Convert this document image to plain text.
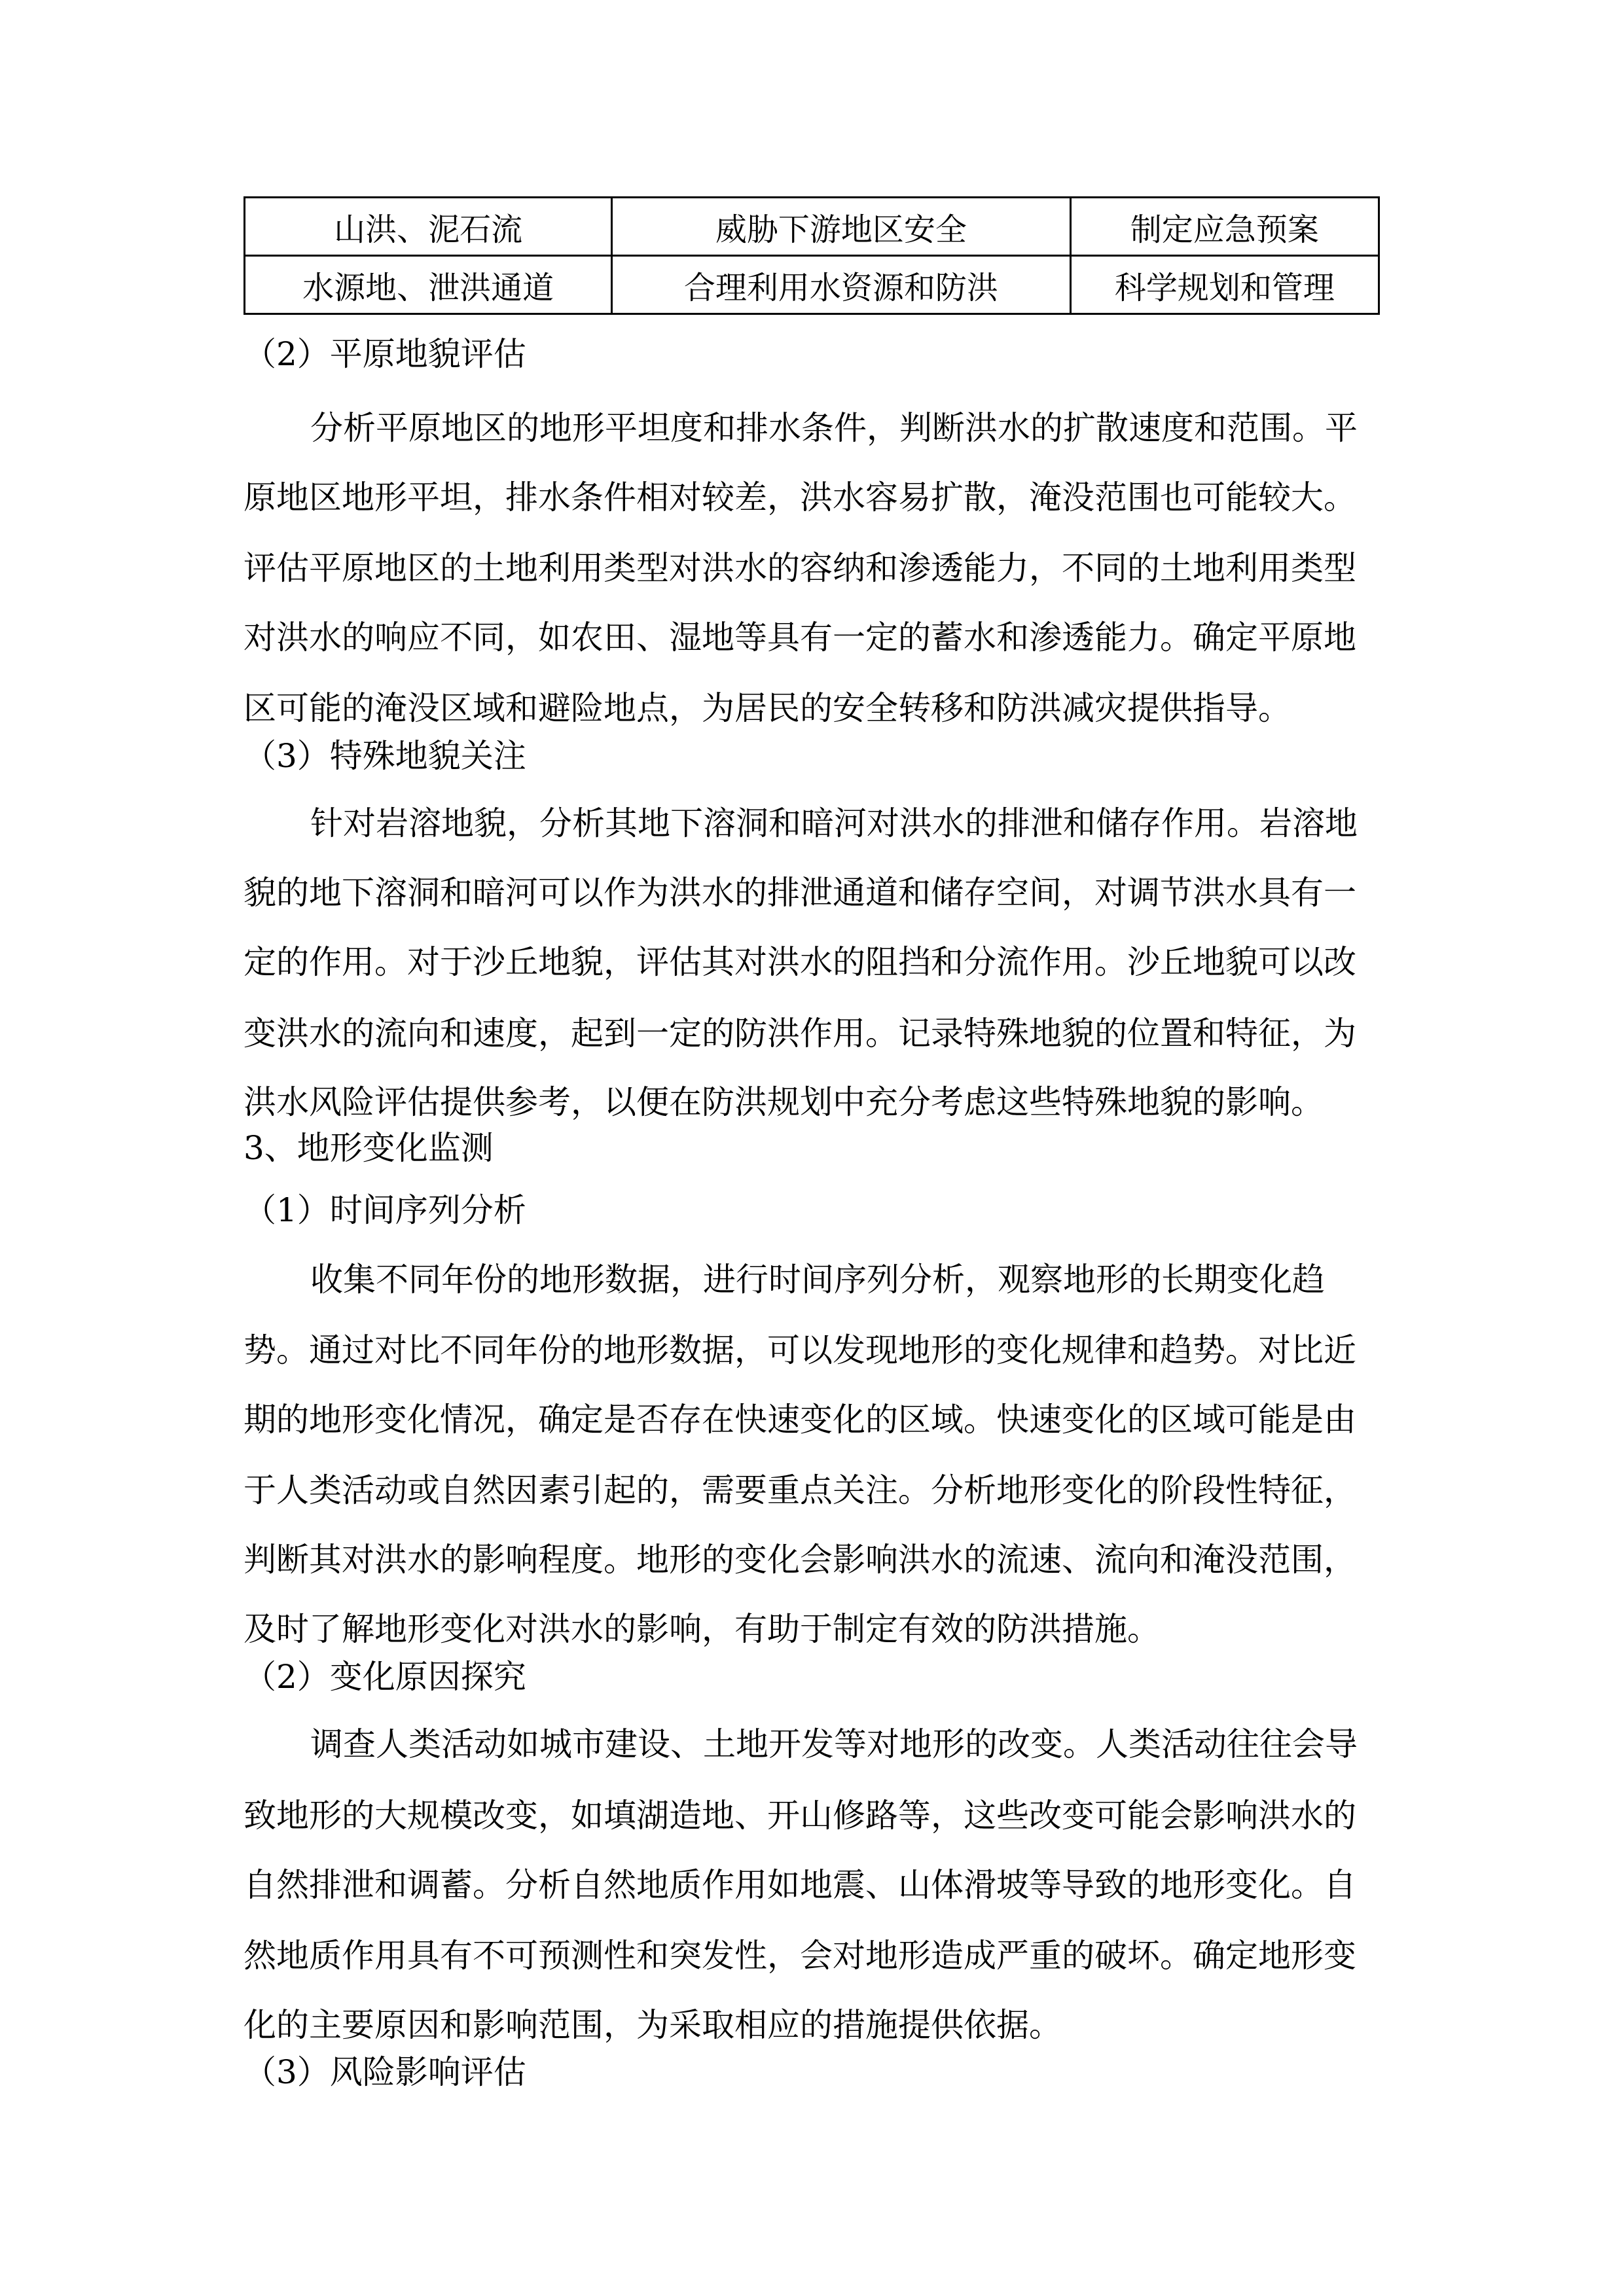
山洪、泥石流	威胁下游地区安全	制定应急预案
水源地、泄洪通道	合理利用水资源和防洪	科学规划和管理
（2）平原地貌评估
分析平原地区的地形平坦度和排水条件，判断洪水的扩散速度和范围。平
原地区地形平坦，排水条件相对较差，洪水容易扩散，淹没范围也可能较大。
评估平原地区的土地利用类型对洪水的容纳和渗透能力，不同的土地利用类型
对洪水的响应不同，如农田、湿地等具有一定的蓄水和渗透能力。确定平原地
区可能的淹没区域和避险地点，为居民的安全转移和防洪减灾提供指导。
（3）特殊地貌关注
针对岩溶地貌，分析其地下溶洞和暗河对洪水的排泄和储存作用。岩溶地
貌的地下溶洞和暗河可以作为洪水的排泄通道和储存空间，对调节洪水具有一
定的作用。对于沙丘地貌，评估其对洪水的阻挡和分流作用。沙丘地貌可以改
变洪水的流向和速度，起到一定的防洪作用。记录特殊地貌的位置和特征，为
洪水风险评估提供参考，以便在防洪规划中充分考虑这些特殊地貌的影响。
3、地形变化监测
（1）时间序列分析
收集不同年份的地形数据，进行时间序列分析，观察地形的长期变化趋
势。通过对比不同年份的地形数据，可以发现地形的变化规律和趋势。对比近
期的地形变化情况，确定是否存在快速变化的区域。快速变化的区域可能是由
于人类活动或自然因素引起的，需要重点关注。分析地形变化的阶段性特征，
判断其对洪水的影响程度。地形的变化会影响洪水的流速、流向和淹没范围，
及时了解地形变化对洪水的影响，有助于制定有效的防洪措施。
（2）变化原因探究
调查人类活动如城市建设、土地开发等对地形的改变。人类活动往往会导
致地形的大规模改变，如填湖造地、开山修路等，这些改变可能会影响洪水的
自然排泄和调蓄。分析自然地质作用如地震、山体滑坡等导致的地形变化。自
然地质作用具有不可预测性和突发性，会对地形造成严重的破坏。确定地形变
化的主要原因和影响范围，为采取相应的措施提供依据。
（3）风险影响评估
